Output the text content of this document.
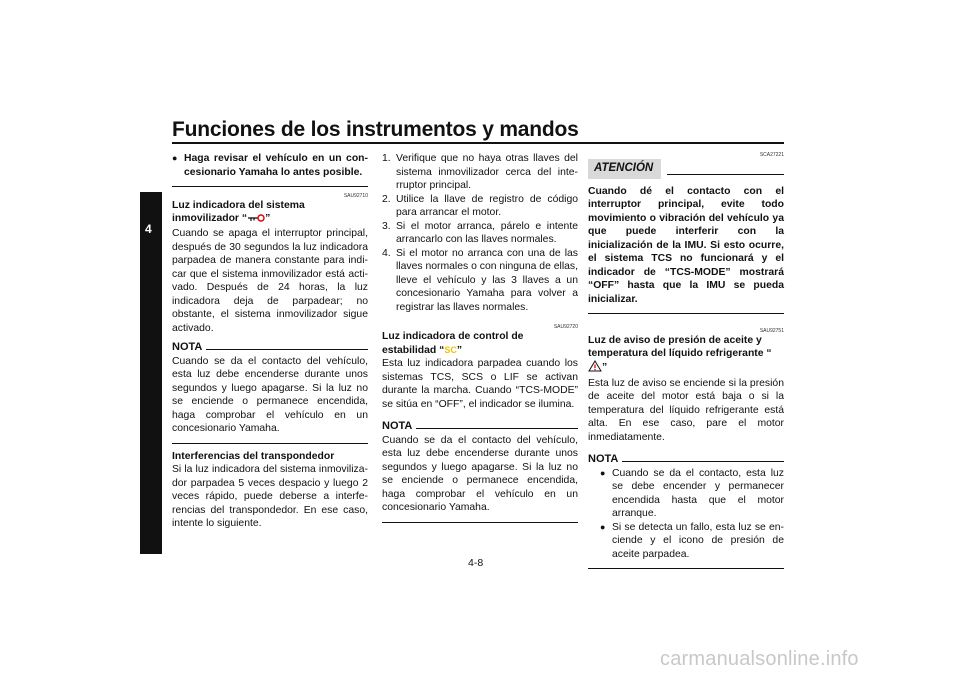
Funciones de los instrumentos y mandos
4
● Haga revisar el vehículo en un concesionario Yamaha lo antes posible.
SAU92710
Luz indicadora del sistema
inmovilizador “ ”

Cuando se apaga el interruptor principal, después de 30 segundos la luz indicadora parpadea de manera constante para indicar que el sistema inmovilizador está activado. Después de 24 horas, la luz indicadora deja de parpadear; no obstante, el sistema inmovilizador sigue activado.

NOTA

Cuando se da el contacto del vehículo, esta luz debe encenderse durante unos segundos y luego apagarse. Si la luz no se enciende o permanece encendida, haga comprobar el vehículo en un concesionario Yamaha.

Interferencias del transpondedor

Si la luz indicadora del sistema inmovilizador parpadea 5 veces despacio y luego 2 veces rápido, puede deberse a interferencias del transpondedor. En ese caso, intente lo siguiente.

1. Verifique que no haya otras llaves del sistema inmovilizador cerca del interruptor principal.
2. Utilice la llave de registro de código para arrancar el motor.
3. Si el motor arranca, párelo e intente arrancarlo con las llaves normales.
4. Si el motor no arranca con una de las llaves normales o con ninguna de ellas, lleve el vehículo y las 3 llaves a un concesionario Yamaha para volver a registrar las llaves normales.
SAU92720
Luz indicadora de control de
estabilidad “SC”

Esta luz indicadora parpadea cuando los sistemas TCS, SCS o LIF se activan durante la marcha. Cuando “TCS-MODE” se sitúa en “OFF”, el indicador se ilumina.

NOTA

Cuando se da el contacto del vehículo, esta luz debe encenderse durante unos segundos y luego apagarse. Si la luz no se enciende o permanece encendida, haga comprobar el vehículo en un concesionario Yamaha.

SCA27221
ATENCIÓN

Cuando dé el contacto con el interruptor principal, evite todo movimiento o vibración del vehículo ya que puede interferir con la inicialización de la IMU. Si esto ocurre, el sistema TCS no funcionará y el indicador de “TCS-MODE” mostrará “OFF” hasta que la IMU se pueda inicializar.

SAU92751
Luz de aviso de presión de aceite y temperatura del líquido refrigerante “”

Esta luz de aviso se enciende si la presión de aceite del motor está baja o si la temperatura del líquido refrigerante está alta. En ese caso, pare el motor inmediatamente.

NOTA
● Cuando se da el contacto, esta luz se debe encender y permanecer encendida hasta que el motor arranque.
● Si se detecta un fallo, esta luz se enciende y el icono de presión de aceite parpadea.
4-8
carmanualsonline.info
